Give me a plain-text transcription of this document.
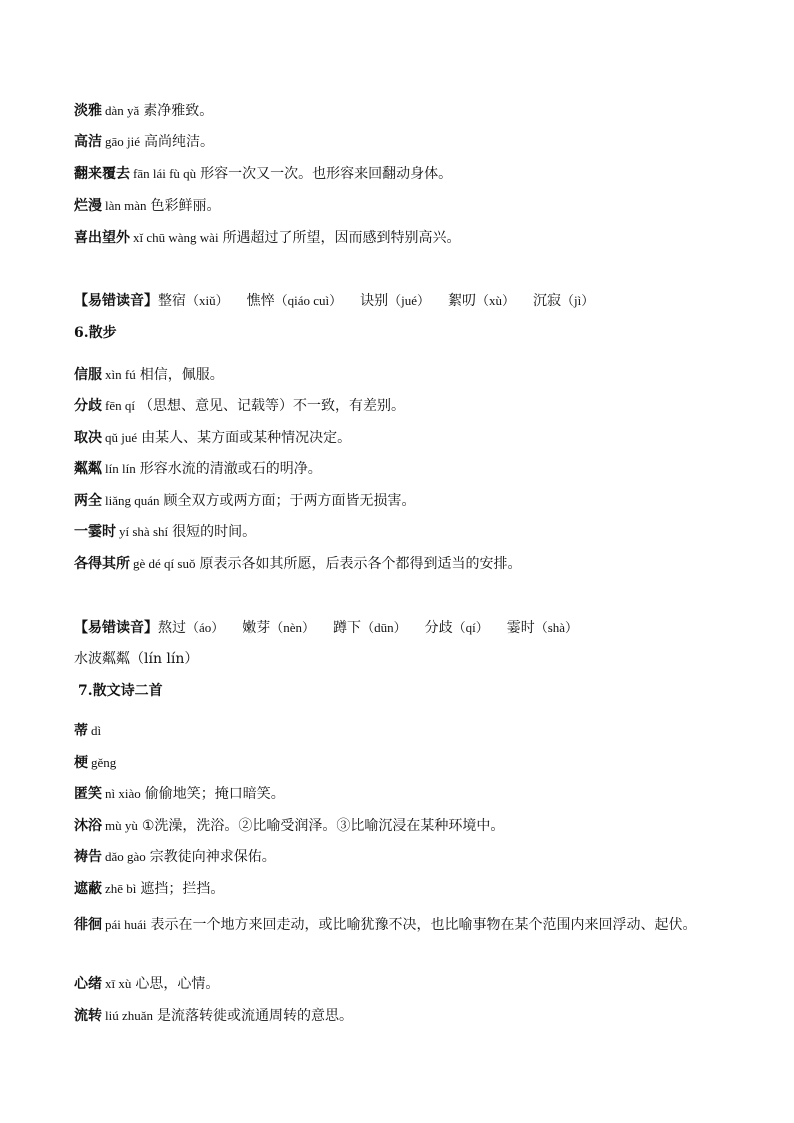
淡雅 dàn yǎ 素净雅致。
高洁 gāo jié 高尚纯洁。
翻来覆去 fān lái fù qù 形容一次又一次。也形容来回翻动身体。
烂漫 làn màn 色彩鲜丽。
喜出望外 xǐ chū wàng wài 所遇超过了所望，因而感到特别高兴。
【易错读音】整宿（xiǔ） 憔悴（qiáo cuì） 诀别（jué） 絮叨（xù） 沉寂（jì）
6.散步
信服 xìn fú 相信，佩服。
分歧 fēn qí （思想、意见、记载等）不一致，有差别。
取决 qǔ jué 由某人、某方面或某种情况决定。
粼粼 lín lín 形容水流的清澈或石的明净。
两全 liǎng quán 顾全双方或两方面；于两方面皆无损害。
一霎时 yí shà shí 很短的时间。
各得其所 gè dé qí suǒ 原表示各如其所愿，后表示各个都得到适当的安排。
【易错读音】熬过（áo） 嫩芽（nèn） 蹲下（dūn） 分歧（qí） 霎时（shà）
水波粼粼（lín lín）
7.散文诗二首
蒂 dì
梗 gěng
匿笑 nì xiào 偷偷地笑；掩口暗笑。
沐浴 mù yù ①洗澡，洗浴。②比喻受润泽。③比喻沉浸在某种环境中。
祷告 dǎo gào 宗教徒向神求保佑。
遮蔽 zhē bì 遮挡；拦挡。
徘徊 pái huái 表示在一个地方来回走动，或比喻犹豫不决，也比喻事物在某个范围内来回浮动、起伏。
心绪 xī xù 心思，心情。
流转 liú zhuǎn 是流落转徙或流通周转的意思。
